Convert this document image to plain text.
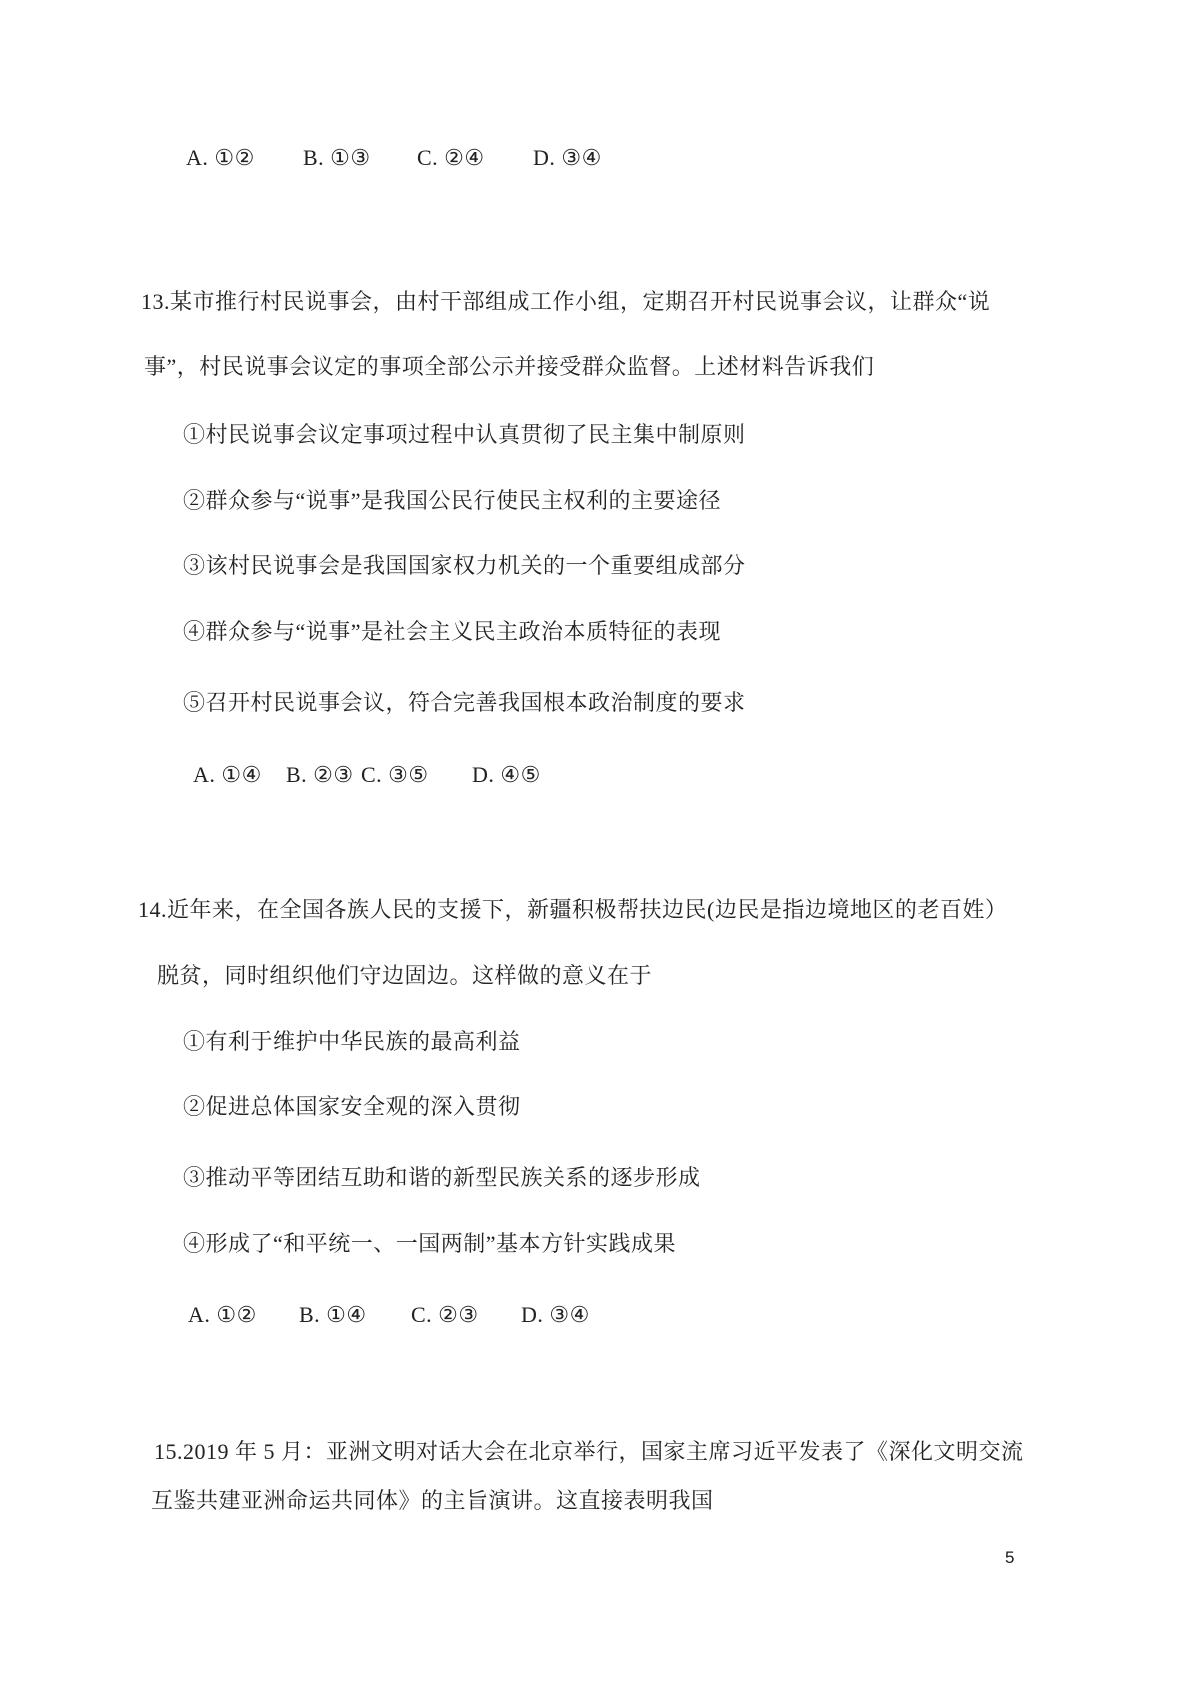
A. ①② B. ①③ C. ②④ D. ③④
13.某市推行村民说事会，由村干部组成工作小组，定期召开村民说事会议，让群众“说
事”，村民说事会议定的事项全部公示并接受群众监督。上述材料告诉我们
①村民说事会议定事项过程中认真贯彻了民主集中制原则
②群众参与“说事”是我国公民行使民主权利的主要途径
③该村民说事会是我国国家权力机关的一个重要组成部分
④群众参与“说事”是社会主义民主政治本质特征的表现
⑤召开村民说事会议，符合完善我国根本政治制度的要求
A. ①④ B. ②③ C. ③⑤ D. ④⑤
14.近年来，在全国各族人民的支援下，新疆积极帮扶边民(边民是指边境地区的老百姓）
脱贫，同时组织他们守边固边。这样做的意义在于
①有利于维护中华民族的最高利益
②促进总体国家安全观的深入贯彻
③推动平等团结互助和谐的新型民族关系的逐步形成
④形成了“和平统一、一国两制”基本方针实践成果
A. ①② B. ①④ C. ②③ D. ③④
15.2019 年 5 月：亚洲文明对话大会在北京举行，国家主席习近平发表了《深化文明交流
互鉴共建亚洲命运共同体》的主旨演讲。这直接表明我国
5
